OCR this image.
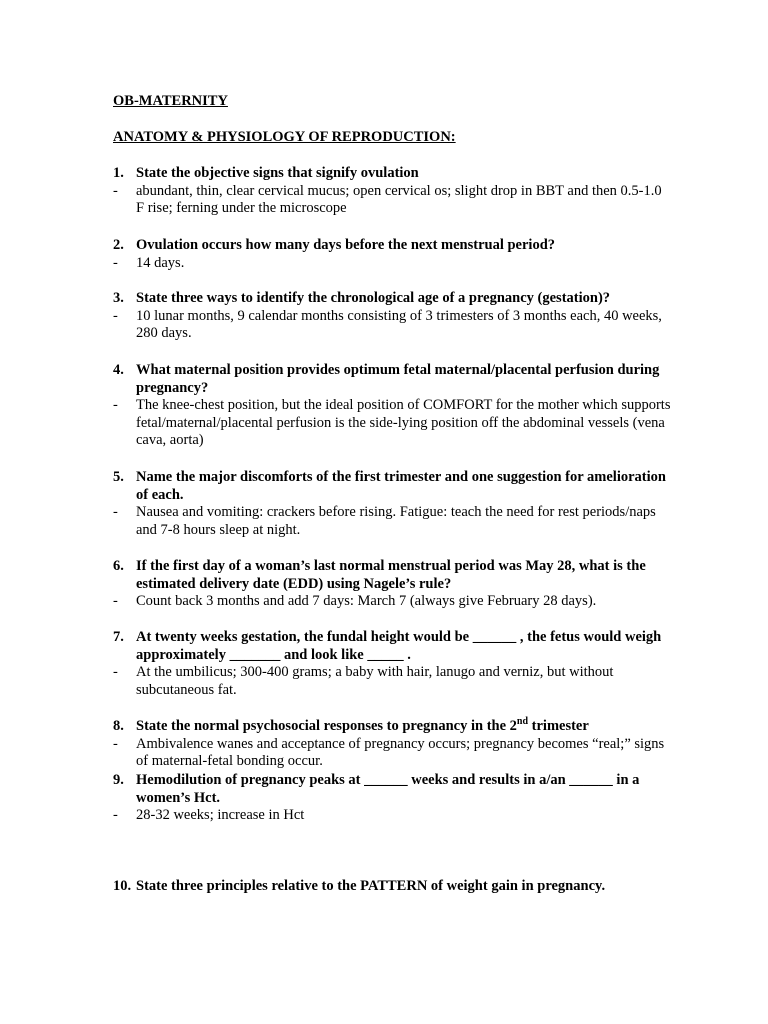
OB-MATERNITY
ANATOMY & PHYSIOLOGY OF REPRODUCTION:
1. State the objective signs that signify ovulation
- abundant, thin, clear cervical mucus; open cervical os; slight drop in BBT and then 0.5-1.0 F rise; ferning under the microscope
2. Ovulation occurs how many days before the next menstrual period?
- 14 days.
3. State three ways to identify the chronological age of a pregnancy (gestation)?
- 10 lunar months, 9 calendar months consisting of 3 trimesters of 3 months each, 40 weeks, 280 days.
4. What maternal position provides optimum fetal maternal/placental perfusion during pregnancy?
- The knee-chest position, but the ideal position of COMFORT for the mother which supports fetal/maternal/placental perfusion is the side-lying position off the abdominal vessels (vena cava, aorta)
5. Name the major discomforts of the first trimester and one suggestion for amelioration of each.
- Nausea and vomiting: crackers before rising. Fatigue: teach the need for rest periods/naps and 7-8 hours sleep at night.
6. If the first day of a woman’s last normal menstrual period was May 28, what is the estimated delivery date (EDD) using Nagele’s rule?
- Count back 3 months and add 7 days: March 7 (always give February 28 days).
7. At twenty weeks gestation, the fundal height would be ______ , the fetus would weigh approximately _______ and look like _____ .
- At the umbilicus; 300-400 grams; a baby with hair, lanugo and verniz, but without subcutaneous fat.
8. State the normal psychosocial responses to pregnancy in the 2nd trimester
- Ambivalence wanes and acceptance of pregnancy occurs; pregnancy becomes “real;” signs of maternal-fetal bonding occur.
9. Hemodilution of pregnancy peaks at ______ weeks and results in a/an ______ in a women’s Hct.
- 28-32 weeks; increase in Hct
10. State three principles relative to the PATTERN of weight gain in pregnancy.
